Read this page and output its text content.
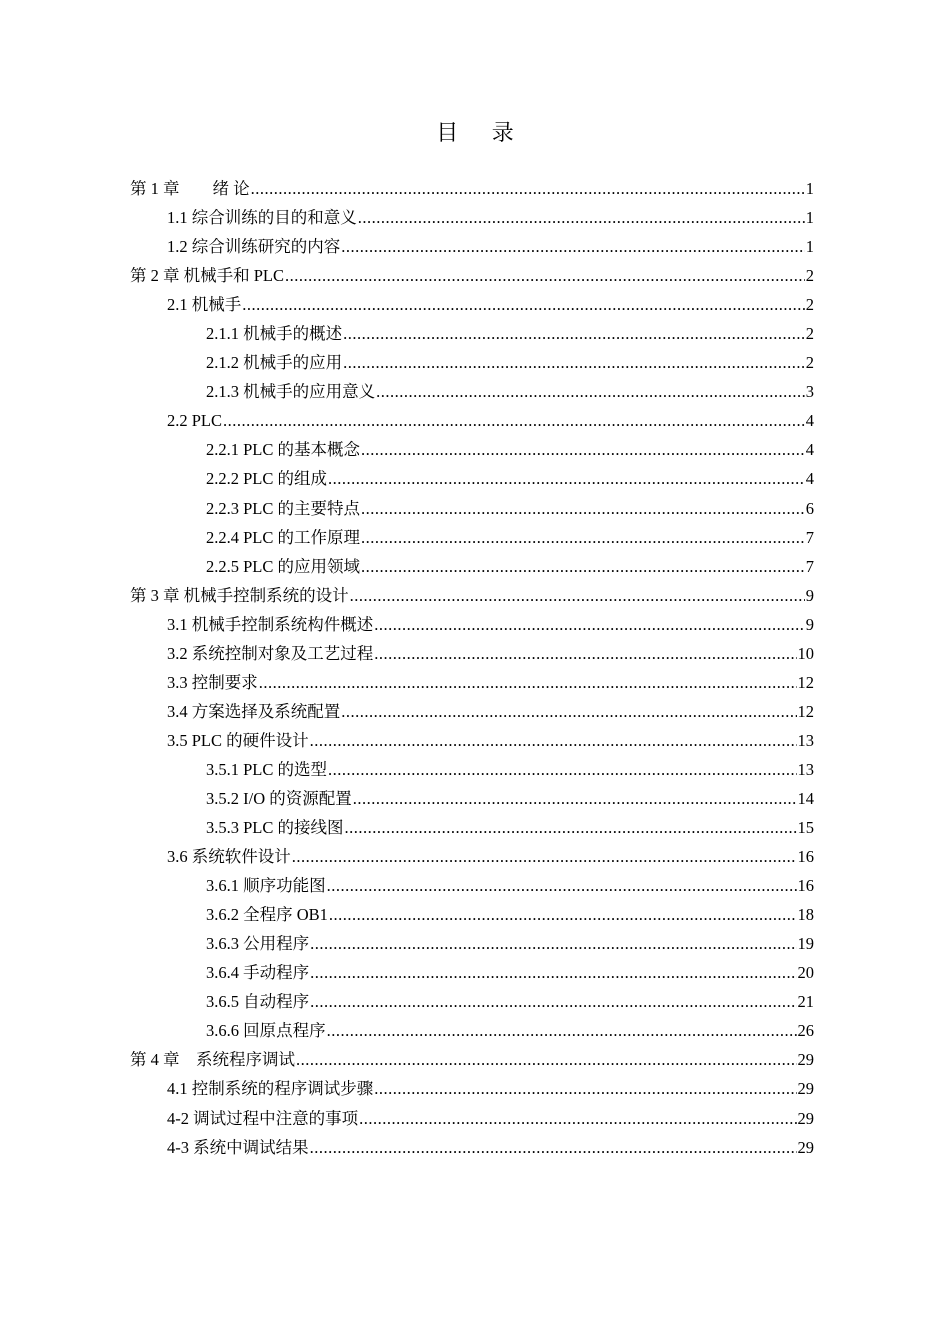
目 录
第 1 章　　绪 论 .....	1
1.1 综合训练的目的和意义 .....	1
1.2 综合训练研究的内容 .....	1
第 2 章 机械手和 PLC .....	2
2.1 机械手 .....	2
2.1.1 机械手的概述 .....	2
2.1.2 机械手的应用 .....	2
2.1.3 机械手的应用意义 .....	3
2.2 PLC .....	4
2.2.1 PLC 的基本概念 .....	4
2.2.2 PLC 的组成 .....	4
2.2.3 PLC 的主要特点 .....	6
2.2.4 PLC 的工作原理 .....	7
2.2.5 PLC 的应用领域 .....	7
第 3 章 机械手控制系统的设计 .....	9
3.1 机械手控制系统构件概述 .....	9
3.2 系统控制对象及工艺过程 .....	10
3.3 控制要求 .....	12
3.4 方案选择及系统配置 .....	12
3.5 PLC 的硬件设计 .....	13
3.5.1 PLC 的选型 .....	13
3.5.2 I/O 的资源配置 .....	14
3.5.3 PLC 的接线图 .....	15
3.6 系统软件设计 .....	16
3.6.1 顺序功能图 .....	16
3.6.2 全程序 OB1 .....	18
3.6.3 公用程序 .....	19
3.6.4 手动程序 .....	20
3.6.5 自动程序 .....	21
3.6.6 回原点程序 .....	26
第 4 章　系统程序调试 .....	29
4.1 控制系统的程序调试步骤 .....	29
4-2 调试过程中注意的事项 .....	29
4-3 系统中调试结果 .....	29
